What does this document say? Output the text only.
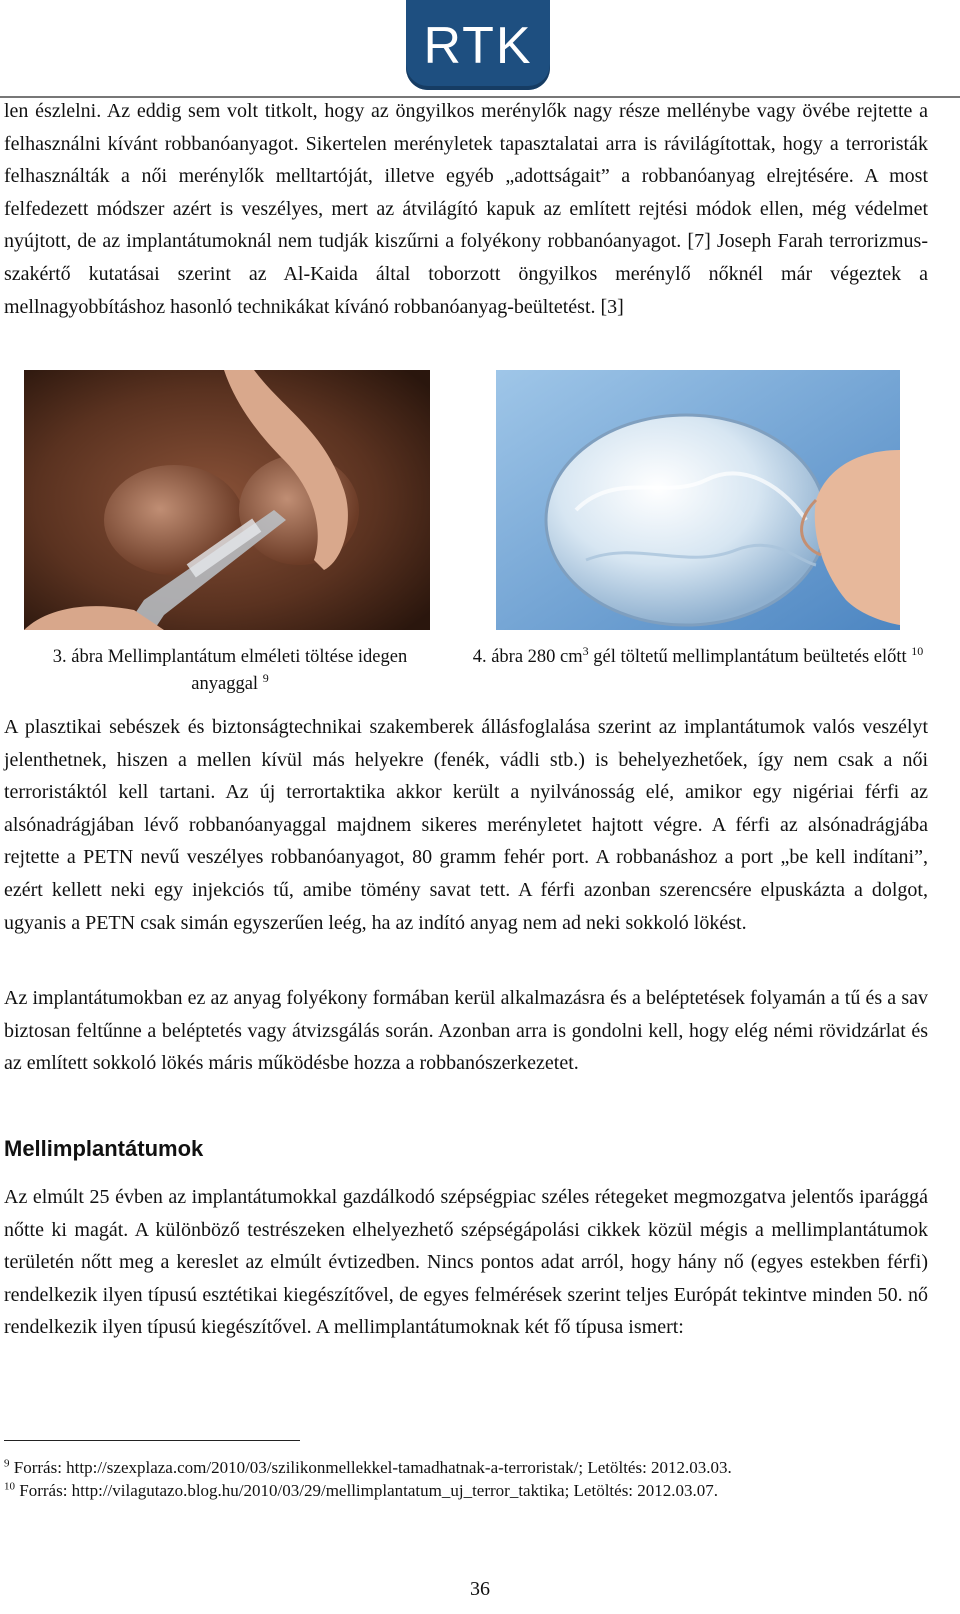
RTK

len észlelni. Az eddig sem volt titkolt, hogy az öngyilkos merénylők nagy része mellénybe vagy övébe rejtette a felhasználni kívánt robbanóanyagot. Sikertelen merényletek tapasztalatai arra is rávilágítottak, hogy a terroristák felhasználták a női merénylők melltartóját, illetve egyéb „adottságait” a robbanóanyag elrejtésére. A most felfedezett módszer azért is veszélyes, mert az átvilágító kapuk az említett rejtési módok ellen, még védelmet nyújtott, de az implantátumoknál nem tudják kiszűrni a folyékony robbanóanyagot. [7] Joseph Farah terrorizmus-szakértő kutatásai szerint az Al-Kaida által toborzott öngyilkos merénylő nőknél már végeztek a mellnagyobbításhoz hasonló technikákat kívánó robbanóanyag-beültetést. [3]

3. ábra Mellimplantátum elméleti töltése idegen anyaggal $^9$
4. ábra 280 $cm^3$ gél töltetű mellimplantátum beültetés előtt $^{10}$

A plasztikai sebészek és biztonságtechnikai szakemberek állásfoglalása szerint az implantátumok valós veszélyt jelenthetnek, hiszen a mellen kívül más helyekre (fenék, vádli stb.) is behelyezhetőek, így nem csak a női terroristáktól kell tartani. Az új terrortaktika akkor került a nyilvánosság elé, amikor egy nigériai férfi az alsónadrágjában lévő robbanóanyaggal majdnem sikeres merényletet hajtott végre. A férfi az alsónadrágjába rejtette a PETN nevű veszélyes robbanóanyagot, 80 gramm fehér port. A robbanáshoz a port „be kell indítani”, ezért kellett neki egy injekciós tű, amibe tömény savat tett. A férfi azonban szerencsére elpuskázta a dolgot, ugyanis a PETN csak simán egyszerűen leég, ha az indító anyag nem ad neki sokkoló lökést.

Az implantátumokban ez az anyag folyékony formában kerül alkalmazásra és a beléptetések folyamán a tű és a sav biztosan feltűnne a beléptetés vagy átvizsgálás során. Azonban arra is gondolni kell, hogy elég némi rövidzárlat és az említett sokkoló lökés máris működésbe hozza a robbanószerkezetet.

Mellimplantátumok

Az elmúlt 25 évben az implantátumokkal gazdálkodó szépségpiac széles rétegeket megmozgatva jelentős iparággá nőtte ki magát. A különböző testrészeken elhelyezhető szépségápolási cikkek közül mégis a mellimplantátumok területén nőtt meg a kereslet az elmúlt évtizedben. Nincs pontos adat arról, hogy hány nő (egyes estekben férfi) rendelkezik ilyen típusú esztétikai kiegészítővel, de egyes felmérések szerint teljes Európát tekintve minden 50. nő rendelkezik ilyen típusú kiegészítővel. A mellimplantátumoknak két fő típusa ismert:

$^9$ Forrás: http://szexplaza.com/2010/03/szilikonmellekkel-tamadhatnak-a-terroristak/; Letöltés: 2012.03.03.
$^{10}$ Forrás: http://vilagutazo.blog.hu/2010/03/29/mellimplantatum_uj_terror_taktika; Letöltés: 2012.03.07.
36
